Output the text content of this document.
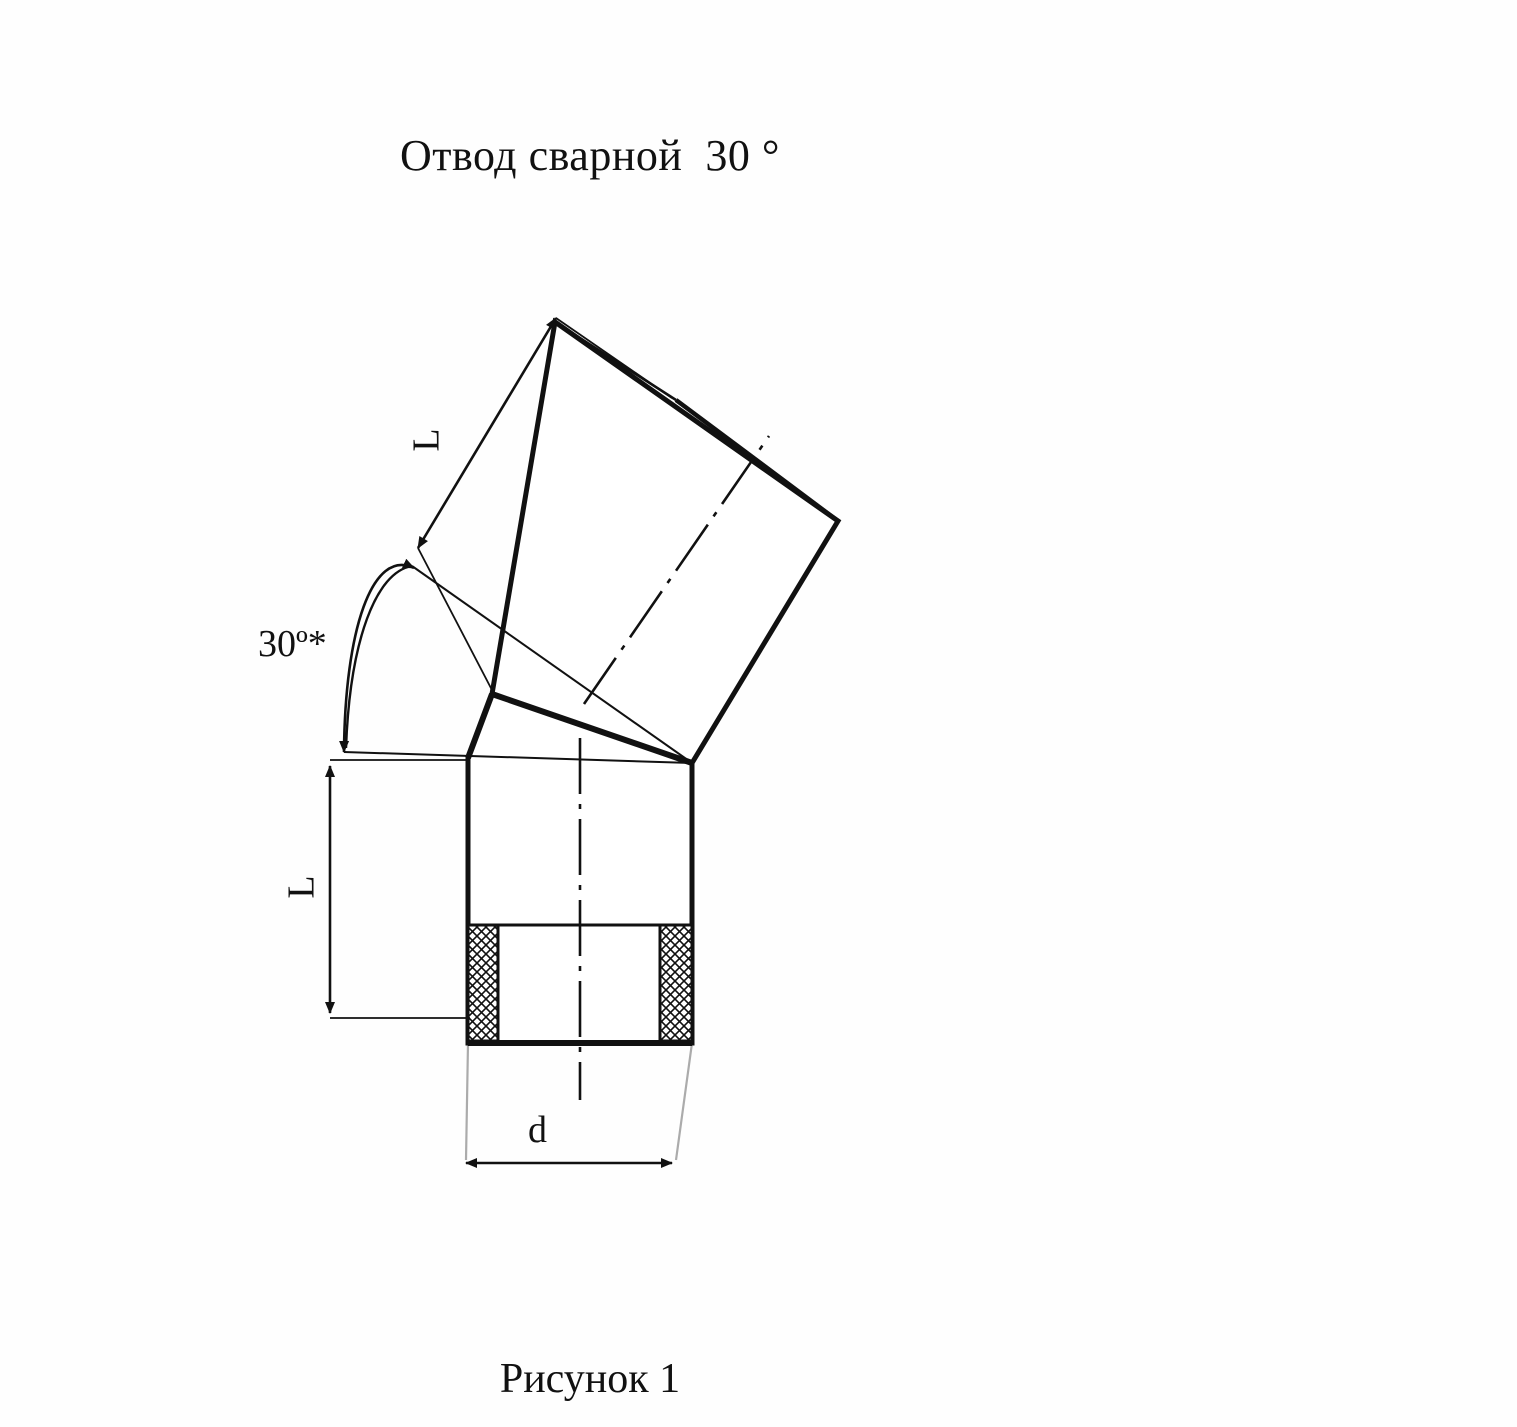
Отвод сварной  30 °
30º*
L
L
d
Рисунок 1
